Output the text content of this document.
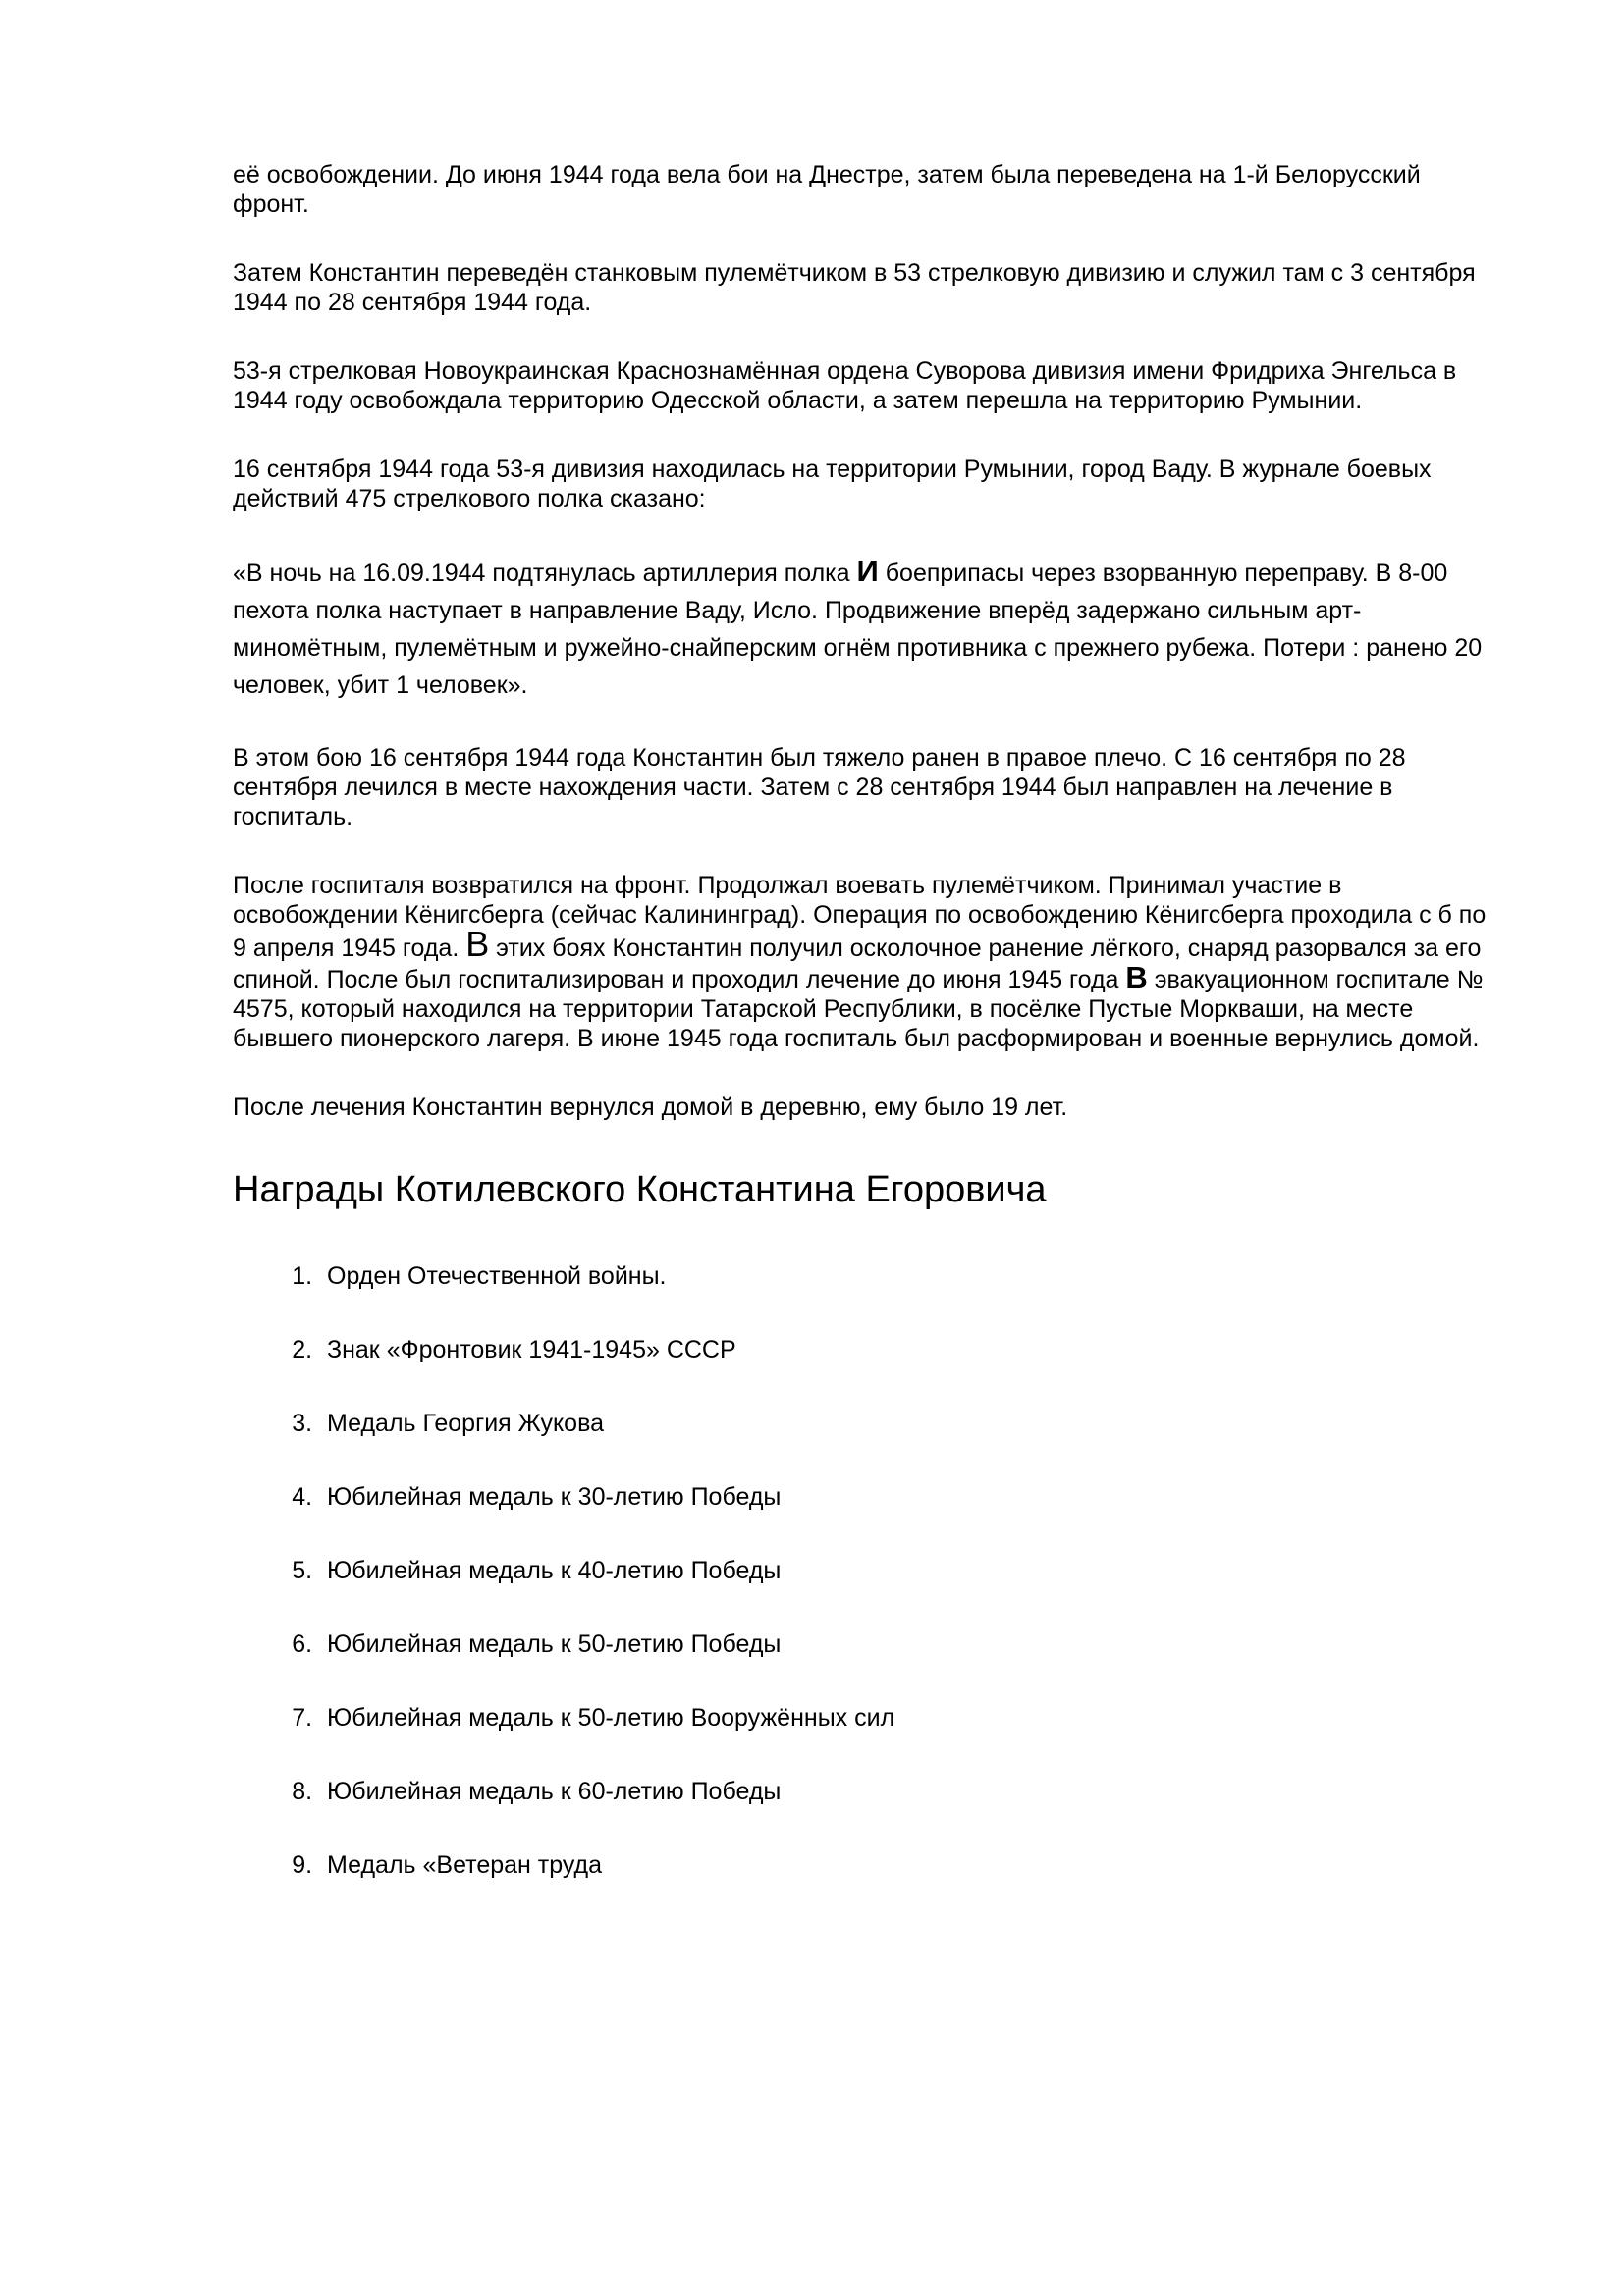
её освобождении. До июня 1944 года вела бои на Днестре, затем была переведена на 1-й Белорусский
фронт.

Затем Константин переведён станковым пулемётчиком в 53 стрелковую дивизию и служил там с 3 сентября
1944 по 28 сентября 1944 года.

53-я стрелковая Новоукраинская Краснознамённая ордена Суворова дивизия имени Фридриха Энгельса в
1944 году освобождала территорию Одесской области, а затем перешла на территорию Румынии.

16 сентября 1944 года 53-я дивизия находилась на территории Румынии, город Ваду. В журнале боевых
действий 475 стрелкового полка сказано:

«В ночь на 16.09.1944 подтянулась артиллерия полка И боеприпасы через взорванную переправу. В 8-00
пехота полка наступает в направление Ваду, Исло. Продвижение вперёд задержано сильным арт-
миномётным, пулемётным и ружейно-снайперским огнём противника с прежнего рубежа. Потери : ранено 20
человек, убит 1 человек».

В этом бою 16 сентября 1944 года Константин был тяжело ранен в правое плечо. С 16 сентября по 28
сентября лечился в месте нахождения части. Затем с 28 сентября 1944 был направлен на лечение в
госпиталь.

После госпиталя возвратился на фронт. Продолжал воевать пулемётчиком. Принимал участие в
освобождении Кёнигсберга (сейчас Калининград). Операция по освобождению Кёнигсберга проходила с б по
9 апреля 1945 года. В этих боях Константин получил осколочное ранение лёгкого, снаряд разорвался за его
спиной. После был госпитализирован и проходил лечение до июня 1945 года В эвакуационном госпитале №
4575, который находился на территории Татарской Республики, в посёлке Пустые Моркваши, на месте
бывшего пионерского лагеря. В июне 1945 года госпиталь был расформирован и военные вернулись домой.

После лечения Константин вернулся домой в деревню, ему было 19 лет.

Награды Котилевского Константина Егоровича
1. Орден Отечественной войны.
2. Знак «Фронтовик 1941-1945» СССР
3. Медаль Георгия Жукова
4. Юбилейная медаль к 30-летию Победы
5. Юбилейная медаль к 40-летию Победы
6. Юбилейная медаль к 50-летию Победы
7. Юбилейная медаль к 50-летию Вооружённых сил
8. Юбилейная медаль к 60-летию Победы
9. Медаль «Ветеран труда
